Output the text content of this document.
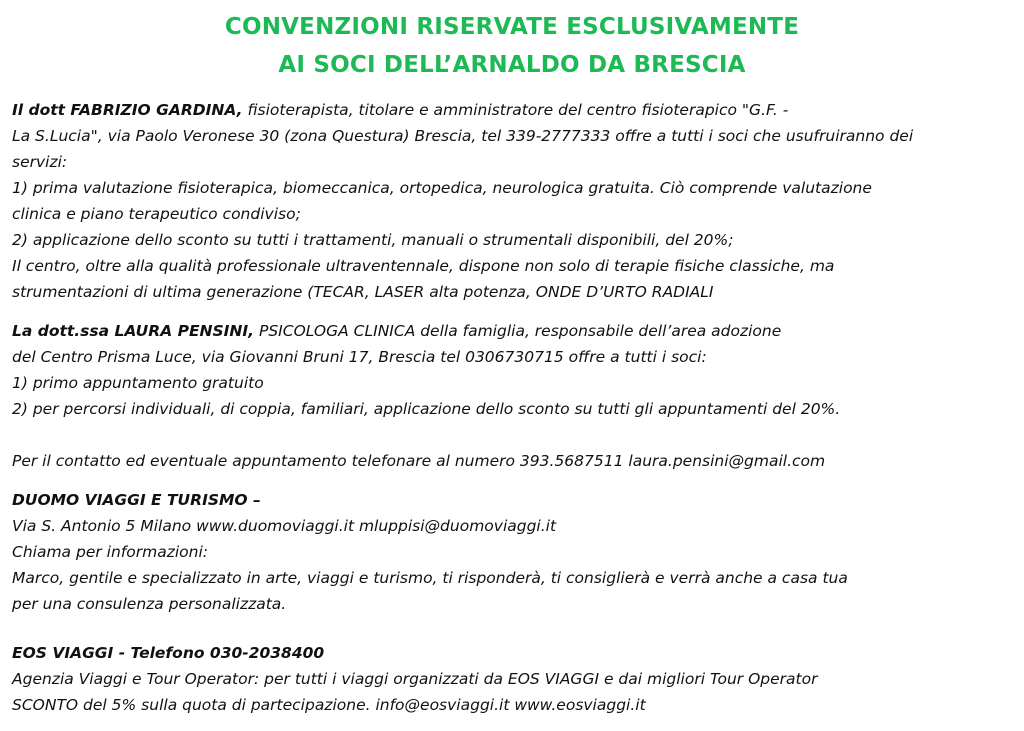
CONVENZIONI RISERVATE ESCLUSIVAMENTE
AI SOCI DELL’ARNALDO DA BRESCIA
Il dott FABRIZIO GARDINA, fisioterapista, titolare e amministratore del centro fisioterapico "G.F. -
La S.Lucia", via Paolo Veronese 30 (zona Questura) Brescia, tel 339-2777333 offre a tutti i soci che usufruiranno dei
servizi:
1) prima valutazione fisioterapica, biomeccanica, ortopedica, neurologica gratuita. Ciò comprende valutazione
clinica e piano terapeutico condiviso;
2) applicazione dello sconto su tutti i trattamenti, manuali o strumentali disponibili, del 20%;
Il centro, oltre alla qualità professionale ultraventennale, dispone non solo di terapie fisiche classiche, ma
strumentazioni di ultima generazione (TECAR, LASER alta potenza, ONDE D’URTO RADIALI
La dott.ssa LAURA PENSINI, PSICOLOGA CLINICA della famiglia, responsabile dell’area adozione
del Centro Prisma Luce, via Giovanni Bruni 17, Brescia tel 0306730715 offre a tutti i soci:
1) primo appuntamento gratuito
2) per percorsi individuali, di coppia, familiari, applicazione dello sconto su tutti gli appuntamenti del 20%.
Per il contatto ed eventuale appuntamento telefonare al numero 393.5687511 laura.pensini@gmail.com
DUOMO VIAGGI E TURISMO –
Via S. Antonio 5 Milano www.duomoviaggi.it mluppisi@duomoviaggi.it
Chiama per informazioni:
Marco, gentile e specializzato in arte, viaggi e turismo, ti risponderà, ti consiglierà e verrà anche a casa tua
per una consulenza personalizzata.
EOS VIAGGI - Telefono 030-2038400
Agenzia Viaggi e Tour Operator: per tutti i viaggi organizzati da EOS VIAGGI e dai migliori Tour Operator
SCONTO del 5% sulla quota di partecipazione. info@eosviaggi.it www.eosviaggi.it
